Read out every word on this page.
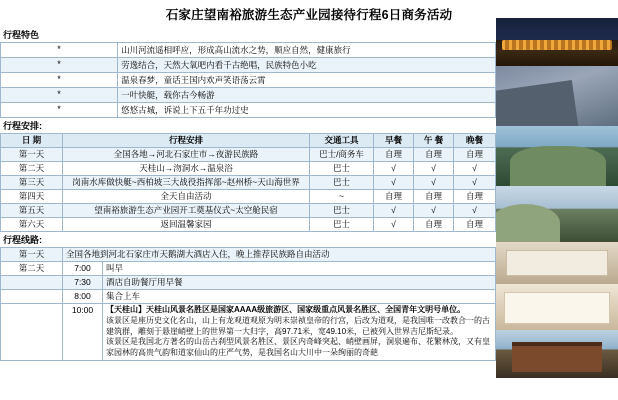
石家庄望南裕旅游生态产业园接待行程6日商务活动
行程特色
*	山川河流遥相呼应，形成高山流水之势，顺应自然，健康旅行
*	劳逸结合，天然大氧吧内看千古绝唱，民族特色小吃
*	温泉春梦，童话王国内欢声笑语荡云霄
*	一叶快艇，载你古今畅游
*	悠悠古城，诉说上下五千年功过史
行程安排:
日 期	行程安排	交通工具	早餐	午 餐	晚餐
第一天	全国各地→河北石家庄市→夜游民族路	巴士/商务车	自理	自理	自理
第二天	天桂山→沕洞水→温泉浴	巴士	√	√	√
第三天	岗南水库做快艇~西柏坡三大战役指挥部~赵州桥~天山海世界	巴士	√	√	√
第四天	全天自由活动	~	自理	自理	自理
第五天	望南裕旅游生态产业园开工奠基仪式~太空舱民宿	巴士	√	√	√
第六天	返回温馨家园	巴士	√	自理	自理
行程线路:
第一天	全国各地到河北石家庄市天鹅湖大酒店入住，晚上推荐民族路自由活动	
第二天	7:00	叫早
	7:30	酒店自助餐厅用早餐
	8:00	集合上车
	10:00	【天桂山】天桂山风景名胜区是国家AAAA级旅游区、国家级重点风景名胜区、全国青年文明号单位。
该景区是座历史文化名山，山上有龙观道观原为明末崇祯皇帝的行宫，后改为道观，是我国唯一改教合一的古建筑群，雕刻于悬崖峭壁上的世界第一大归字，高97.71米，宽49.10米，已被列入世界吉尼斯纪录。
该景区是我国北方著名的山岳古刹型风景名胜区、景区内奇峰突起、峭壁画屏，洞泉遍布、花繁林茂，又有皇家园林的高贵气韵和道家仙山的庄严气势，是我国名山大川中一朵绚丽的奇葩
